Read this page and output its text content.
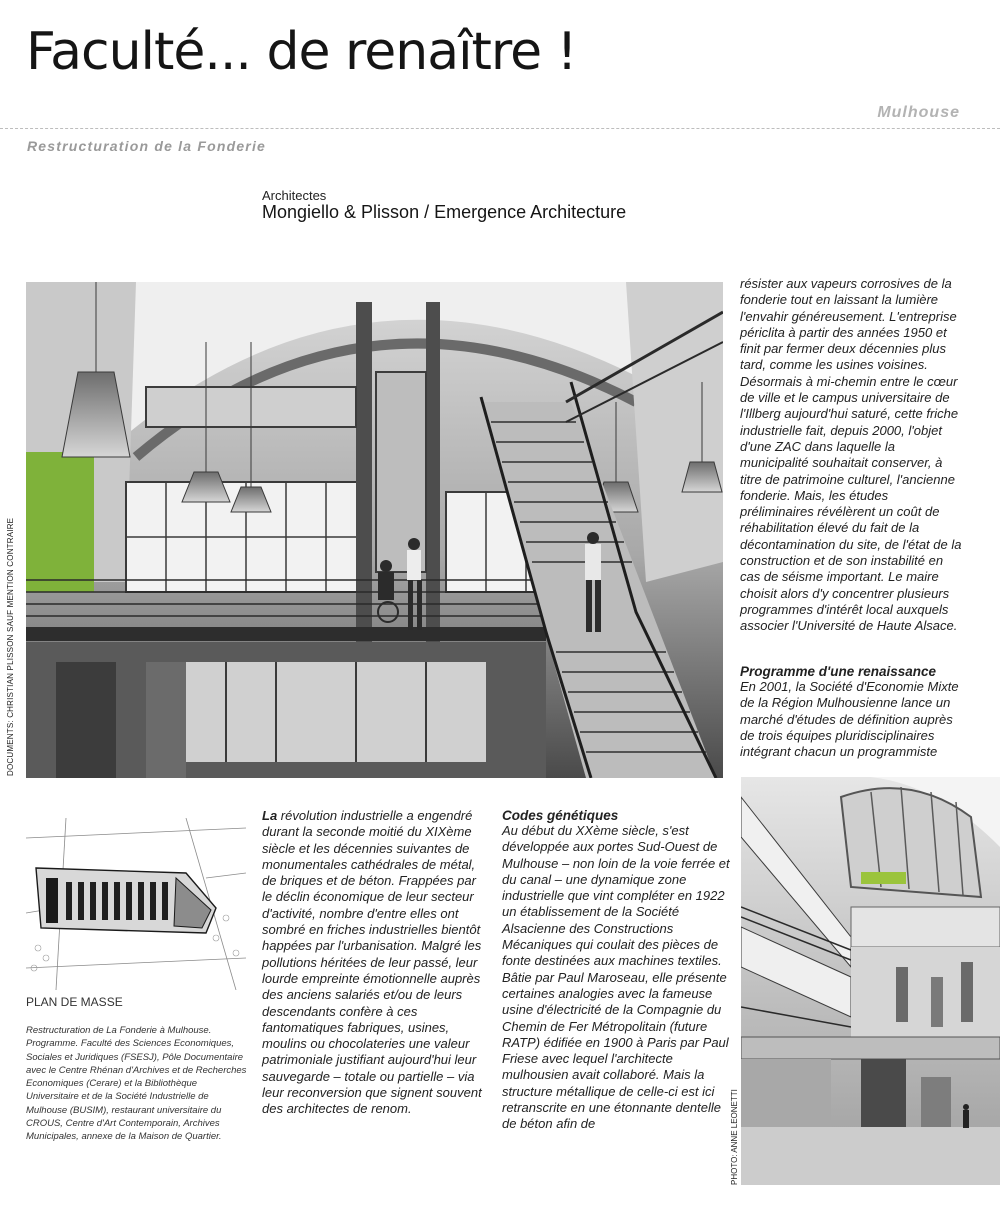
Faculté... de renaître !
Mulhouse
Restructuration de la Fonderie
Architectes
Mongiello & Plisson / Emergence Architecture
DOCUMENTS: CHRISTIAN PLISSON SAUF MENTION CONTRAIRE

résister aux vapeurs corrosives de la fonderie tout en laissant la lumière l'envahir généreusement. L'entreprise périclita à partir des années 1950 et finit par fermer deux décennies plus tard, comme les usines voisines. Désormais à mi-chemin entre le cœur de ville et le campus universitaire de l'Illberg aujourd'hui saturé, cette friche industrielle fait, depuis 2000, l'objet d'une ZAC dans laquelle la municipalité souhaitait conserver, à titre de patrimoine culturel, l'ancienne fonderie. Mais, les études préliminaires révélèrent un coût de réhabilitation élevé du fait de la décontamination du site, de l'état de la construction et de son instabilité en cas de séisme important. Le maire choisit alors d'y concentrer plusieurs programmes d'intérêt local auxquels associer l'Université de Haute Alsace.

Programme d'une renaissance

En 2001, la Société d'Economie Mixte de la Région Mulhousienne lance un marché d'études de définition auprès de trois équipes pluridisciplinaires intégrant chacun un programmiste

PLAN DE MASSE

Restructuration de La Fonderie à Mulhouse. Programme. Faculté des Sciences Economiques, Sociales et Juridiques (FSESJ), Pôle Documentaire avec le Centre Rhénan d'Archives et de Recherches Economiques (Cerare) et la Bibliothèque Universitaire et de la Société Industrielle de Mulhouse (BUSIM), restaurant universitaire du CROUS, Centre d'Art Contemporain, Archives Municipales, annexe de la Maison de Quartier.

La révolution industrielle a engendré durant la seconde moitié du XIXème siècle et les décennies suivantes de monumentales cathédrales de métal, de briques et de béton. Frappées par le déclin économique de leur secteur d'activité, nombre d'entre elles ont sombré en friches industrielles bientôt happées par l'urbanisation. Malgré les pollutions héritées de leur passé, leur lourde empreinte émotionnelle auprès des anciens salariés et/ou de leurs descendants confère à ces fantomatiques fabriques, usines, moulins ou chocolateries une valeur patrimoniale justifiant aujourd'hui leur sauvegarde – totale ou partielle – via leur reconversion que signent souvent des architectes de renom.

Codes génétiques

Au début du XXème siècle, s'est développée aux portes Sud-Ouest de Mulhouse – non loin de la voie ferrée et du canal – une dynamique zone industrielle que vint compléter en 1922 un établissement de la Société Alsacienne des Constructions Mécaniques qui coulait des pièces de fonte destinées aux machines textiles. Bâtie par Paul Maroseau, elle présente certaines analogies avec la fameuse usine d'électricité de la Compagnie du Chemin de Fer Métropolitain (future RATP) édifiée en 1900 à Paris par Paul Friese avec lequel l'architecte mulhousien avait collaboré. Mais la structure métallique de celle-ci est ici retranscrite en une étonnante dentelle de béton afin de	PHOTO: ANNE LEONETTI
